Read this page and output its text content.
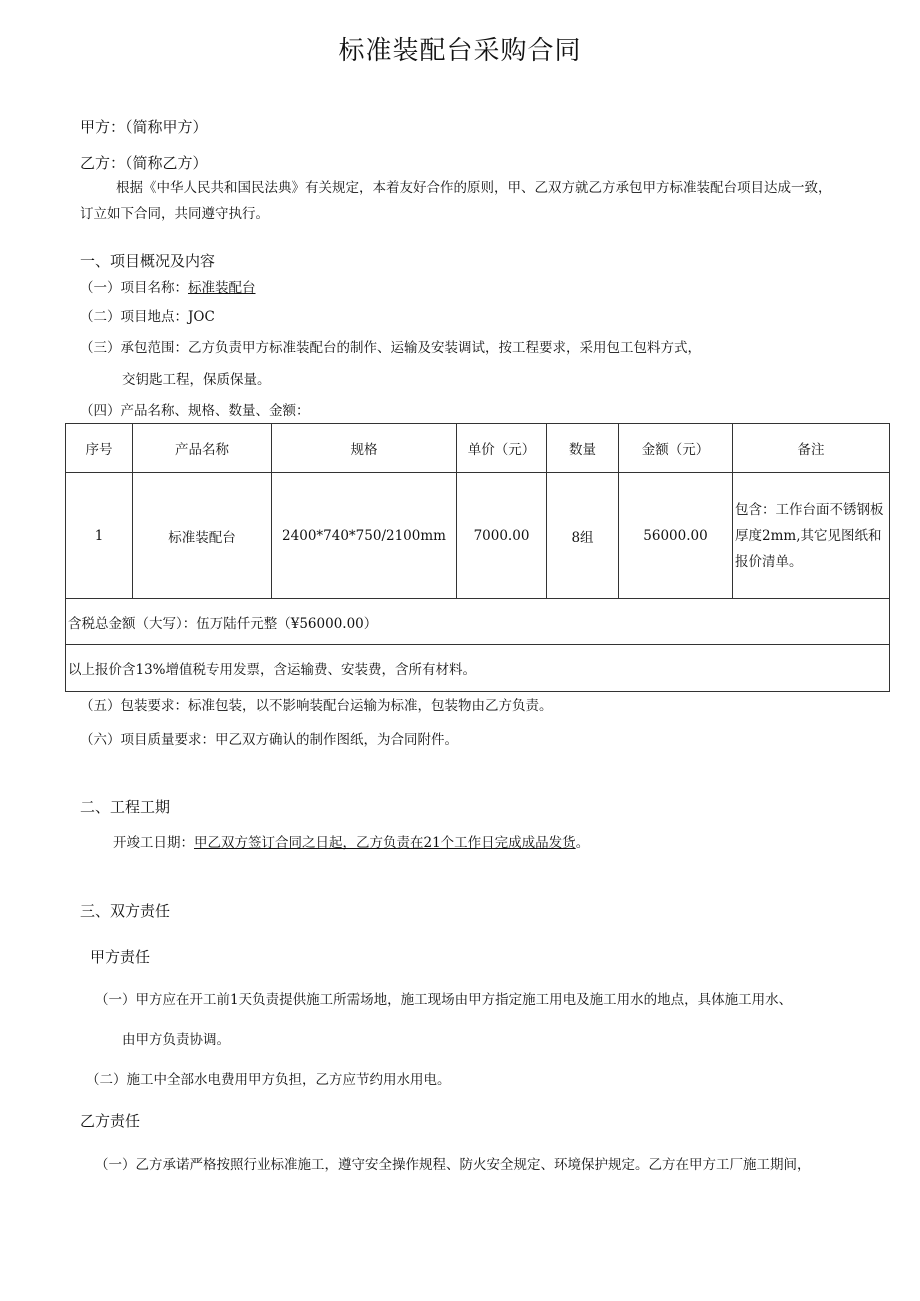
标准装配台采购合同
甲方：（简称甲方）
乙方：（简称乙方）
根据《中华人民共和国民法典》有关规定，本着友好合作的原则，甲、乙双方就乙方承包甲方标准装配台项目达成一致，
订立如下合同，共同遵守执行。
一、项目概况及内容
（一）项目名称：标准装配台
（二）项目地点：JOC
（三）承包范围：乙方负责甲方标准装配台的制作、运输及安装调试，按工程要求，采用包工包料方式，
交钥匙工程，保质保量。
（四）产品名称、规格、数量、金额：
序号	产品名称	规格	单价（元）	数量	金额（元）	备注
1	标准装配台	2400*740*750/2100mm	7000.00	8组	56000.00	包含：工作台面不锈钢板厚度2mm,其它见图纸和报价清单。
含税总金额（大写）：伍万陆仟元整（¥56000.00）						
以上报价含13%增值税专用发票，含运输费、安装费，含所有材料。						
（五）包装要求：标准包装，以不影响装配台运输为标准，包装物由乙方负责。
（六）项目质量要求：甲乙双方确认的制作图纸，为合同附件。
二、工程工期
开竣工日期：甲乙双方签订合同之日起，乙方负责在21个工作日完成成品发货。
三、双方责任
甲方责任
（一）甲方应在开工前1天负责提供施工所需场地，施工现场由甲方指定施工用电及施工用水的地点，具体施工用水、
由甲方负责协调。
（二）施工中全部水电费用甲方负担，乙方应节约用水用电。
乙方责任
（一）乙方承诺严格按照行业标准施工，遵守安全操作规程、防火安全规定、环境保护规定。乙方在甲方工厂施工期间，
